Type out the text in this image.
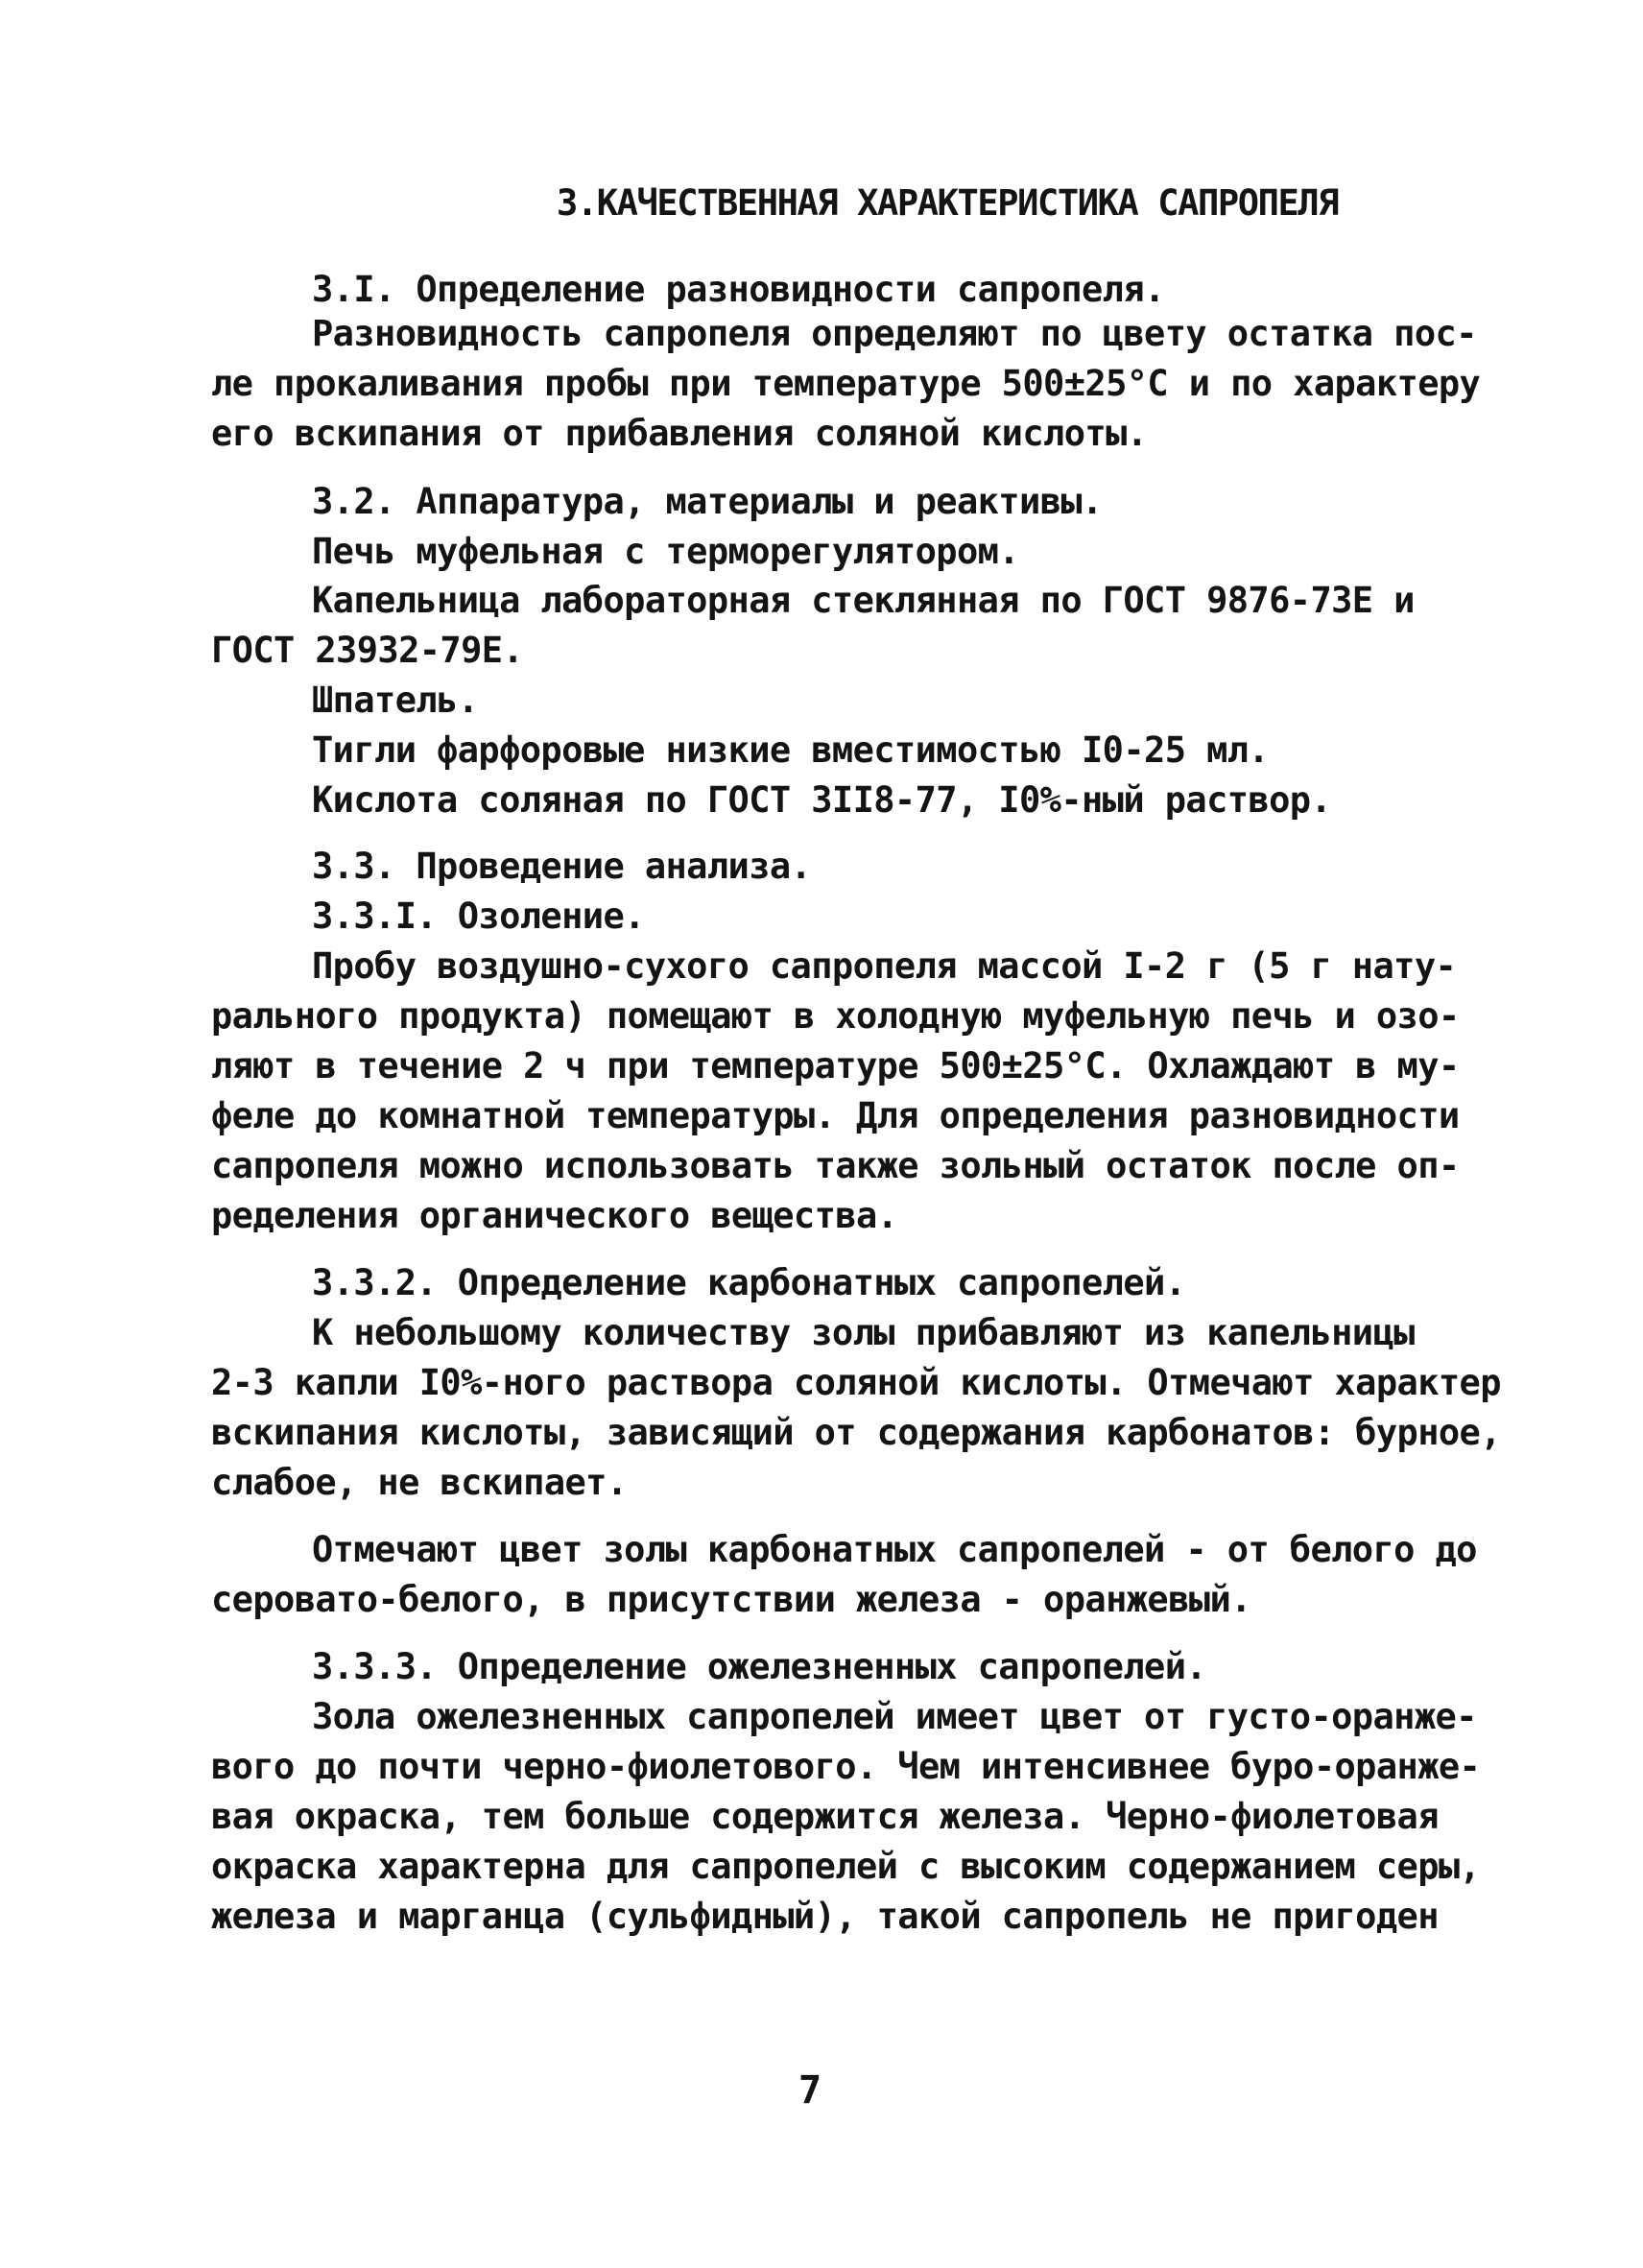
3.КАЧЕСТВЕННАЯ ХАРАКТЕРИСТИКА САПРОПЕЛЯ
3.I. Определение разновидности сапропеля.
Разновидность сапропеля определяют по цвету остатка пос-
ле прокаливания пробы при температуре 500±25°С и по характеру
его вскипания от прибавления соляной кислоты.
3.2. Аппаратура, материалы и реактивы.
Печь муфельная с терморегулятором.
Капельница лабораторная стеклянная по ГОСТ 9876-73Е и
ГОСТ 23932-79Е.
Шпатель.
Тигли фарфоровые низкие вместимостью I0-25 мл.
Кислота соляная по ГОСТ 3II8-77, I0%-ный раствор.
3.3. Проведение анализа.
3.3.I. Озоление.
Пробу воздушно-сухого сапропеля массой I-2 г (5 г нату-
рального продукта) помещают в холодную муфельную печь и озо-
ляют в течение 2 ч при температуре 500±25°С. Охлаждают в му-
феле до комнатной температуры. Для определения разновидности
сапропеля можно использовать также зольный остаток после оп-
ределения органического вещества.
3.3.2. Определение карбонатных сапропелей.
К небольшому количеству золы прибавляют из капельницы
2-3 капли I0%-ного раствора соляной кислоты. Отмечают характер
вскипания кислоты, зависящий от содержания карбонатов: бурное,
слабое, не вскипает.
Отмечают цвет золы карбонатных сапропелей - от белого до
серовато-белого, в присутствии железа - оранжевый.
3.3.3. Определение ожелезненных сапропелей.
Зола ожелезненных сапропелей имеет цвет от густо-оранже-
вого до почти черно-фиолетового. Чем интенсивнее буро-оранже-
вая окраска, тем больше содержится железа. Черно-фиолетовая
окраска характерна для сапропелей с высоким содержанием серы,
железа и марганца (сульфидный), такой сапропель не пригоден
7
